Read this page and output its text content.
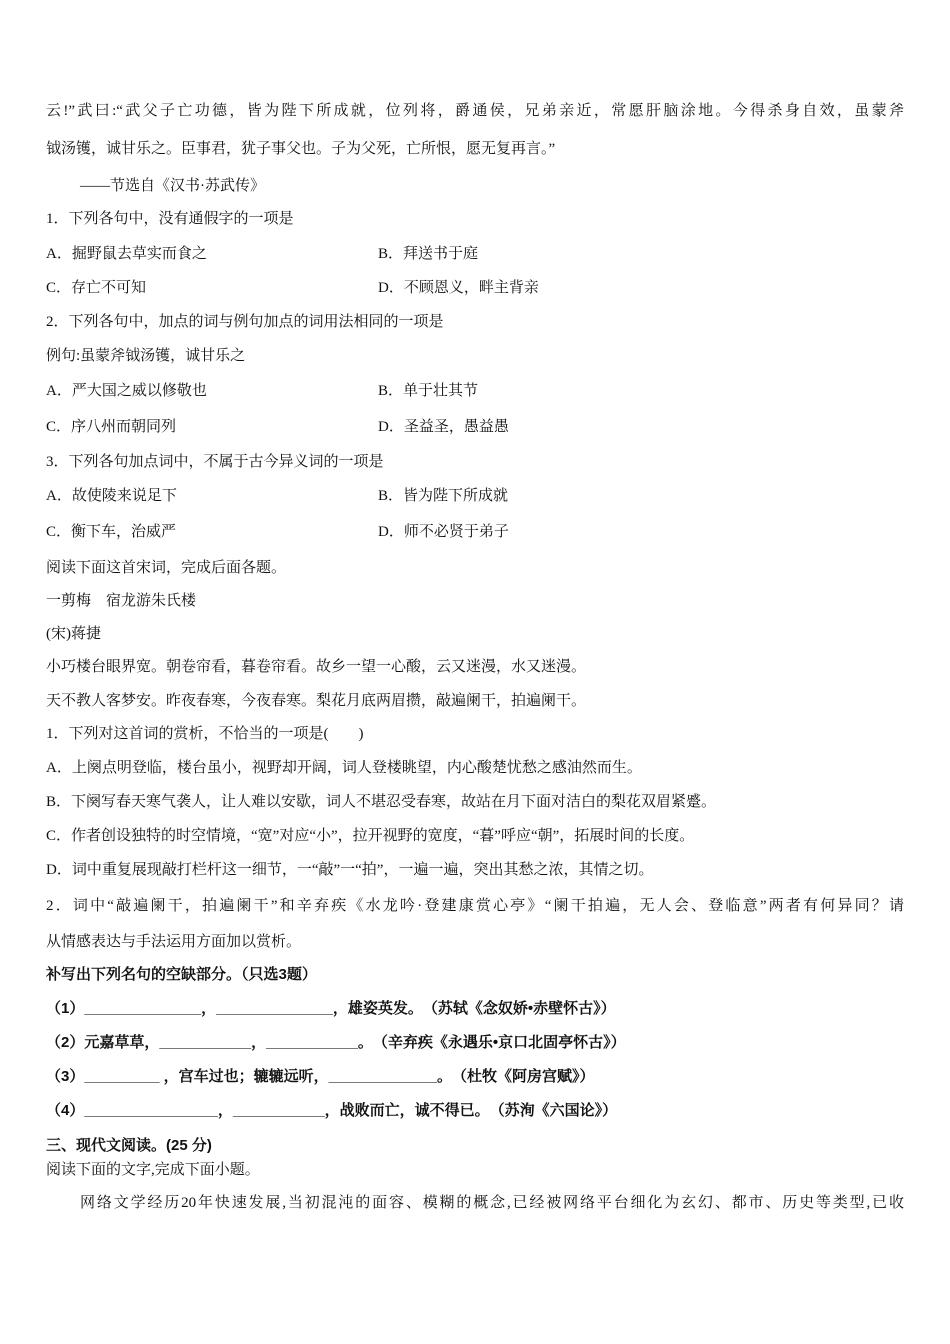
云!”武曰:“武父子亡功德，皆为陛下所成就，位列将，爵通侯，兄弟亲近，常愿肝脑涂地。今得杀身自效，虽蒙斧
钺汤镬，诚甘乐之。臣事君，犹子事父也。子为父死，亡所恨，愿无复再言。”
——节选自《汉书·苏武传》
1．下列各句中，没有通假字的一项是
A．掘野鼠去草实而食之	B．拜送书于庭
C．存亡不可知	D．不顾恩义，畔主背亲
2．下列各句中，加点的词与例句加点的词用法相同的一项是
例句:虽蒙斧钺汤镬，诚甘乐之
A．严大国之威以修敬也	B．单于壮其节
C．序八州而朝同列	D．圣益圣，愚益愚
3．下列各句加点词中，不属于古今异义词的一项是
A．故使陵来说足下	B．皆为陛下所成就
C．衡下车，治威严	D．师不必贤于弟子
阅读下面这首宋词，完成后面各题。
一剪梅　宿龙游朱氏楼
(宋)蒋捷
小巧楼台眼界宽。朝卷帘看，暮卷帘看。故乡一望一心酸，云又迷漫，水又迷漫。
天不教人客梦安。昨夜春寒，今夜春寒。梨花月底两眉攒，敲遍阑干，拍遍阑干。
1．下列对这首词的赏析，不恰当的一项是(　　)
A．上阕点明登临，楼台虽小，视野却开阔，词人登楼眺望，内心酸楚忧愁之感油然而生。
B．下阕写春天寒气袭人，让人难以安歇，词人不堪忍受春寒，故站在月下面对洁白的梨花双眉紧蹙。
C．作者创设独特的时空情境，“宽”对应“小”，拉开视野的宽度，“暮”呼应“朝”，拓展时间的长度。
D．词中重复展现敲打栏杆这一细节，一“敲”一“拍”，一遍一遍，突出其愁之浓，其情之切。
2．词中“敲遍阑干，拍遍阑干”和辛弃疾《水龙吟·登建康赏心亭》“阑干拍遍，无人会、登临意”两者有何异同？请
从情感表达与手法运用方面加以赏析。
补写出下列名句的空缺部分。（只选3题）
（1）______________，______________，雄姿英发。　（苏轼《念奴娇•赤壁怀古》）
（2）元嘉草草，___________，___________。　（辛弃疾《永遇乐•京口北固亭怀古》）
（3）_________ ，宫车过也；辘辘远听，_____________。　（杜牧《阿房宫赋》）
（4）________________，___________，战败而亡，诚不得已。　（苏洵《六国论》）
三、现代文阅读。(25 分)
阅读下面的文字,完成下面小题。
网络文学经历20年快速发展,当初混沌的面容、模糊的概念,已经被网络平台细化为玄幻、都市、历史等类型,已收
